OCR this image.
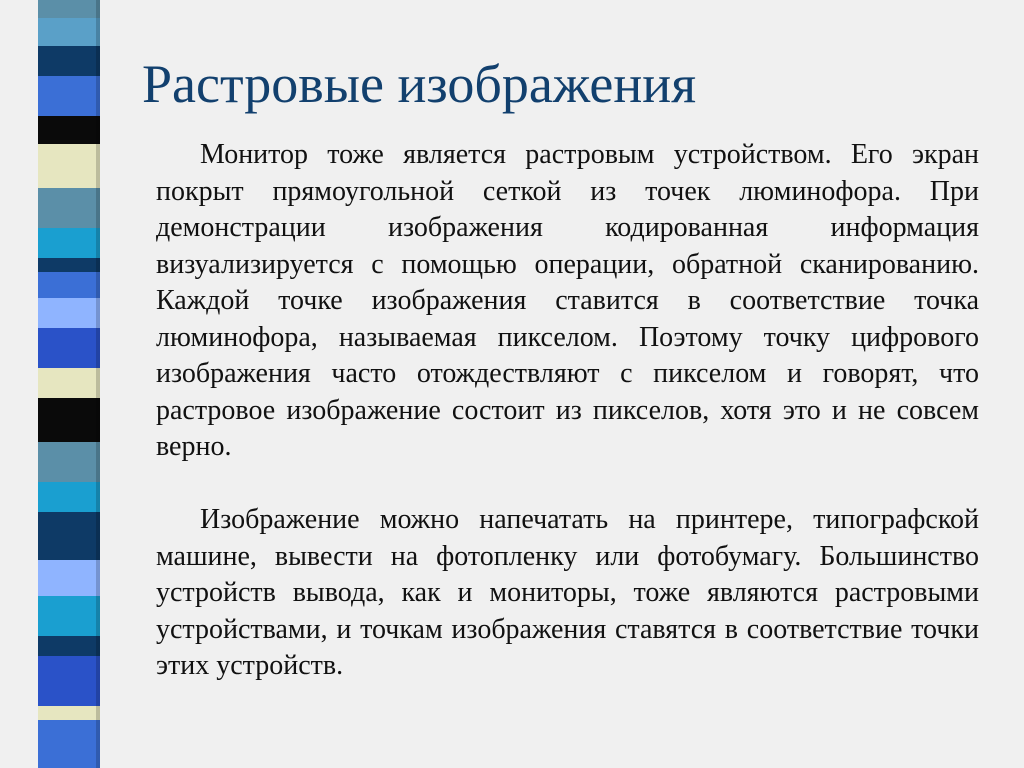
Растровые изображения

Монитор тоже является растровым устройством. Его экран покрыт прямоугольной сеткой из точек люминофора. При демонстрации изображения кодированная информация визуализируется с помощью операции, обратной сканированию. Каждой точке изображения ставится в соответствие точка люминофора, называемая пикселом. Поэтому точку цифрового изображения часто отождествляют с пикселом и говорят, что растровое изображение состоит из пикселов, хотя это и не совсем верно.

Изображение можно напечатать на принтере, типографской машине, вывести на фотопленку или фотобумагу. Большинство устройств вывода, как и мониторы, тоже являются растровыми устройствами, и точкам изображения ставятся в соответствие точки этих устройств.
